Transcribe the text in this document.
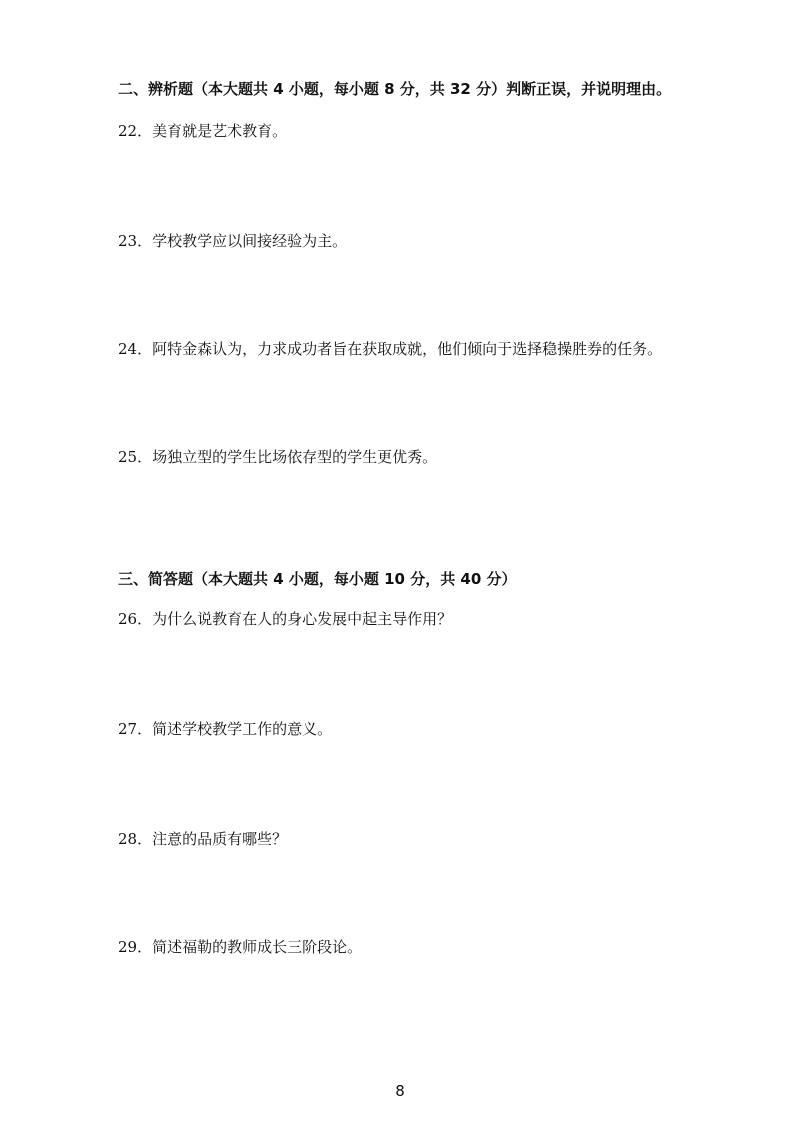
二、辨析题（本大题共 4 小题，每小题 8 分，共 32 分）判断正误，并说明理由。
22．美育就是艺术教育。
23．学校教学应以间接经验为主。
24．阿特金森认为，力求成功者旨在获取成就，他们倾向于选择稳操胜券的任务。
25．场独立型的学生比场依存型的学生更优秀。
三、简答题（本大题共 4 小题，每小题 10 分，共 40 分）
26．为什么说教育在人的身心发展中起主导作用？
27．简述学校教学工作的意义。
28．注意的品质有哪些？
29．简述福勒的教师成长三阶段论。
8
